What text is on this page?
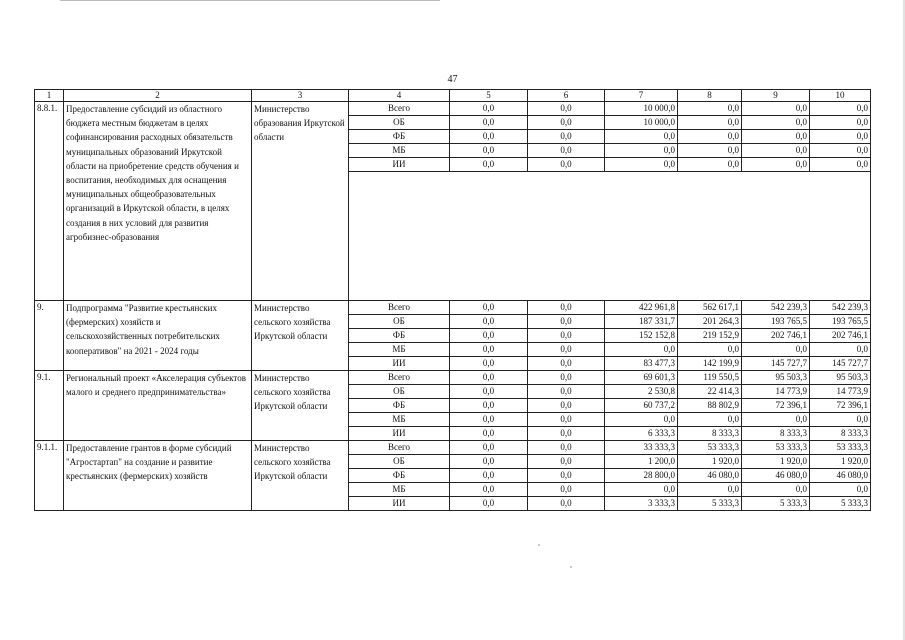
47
1	2	3	4	5	6	7	8	9	10
8.8.1.	Предоставление субсидий из областного бюджета местным бюджетам в целях софинансирования расходных обязательств муниципальных образований Иркутской области на приобретение средств обучения и воспитания, необходимых для оснащения муниципальных общеобразовательных организаций в Иркутской области, в целях создания в них условий для развития агробизнес-образования	Министерство образования Иркутской области	Всего	0,0	0,0	10 000,0	0,0	0,0	0,0
			ОБ	0,0	0,0	10 000,0	0,0	0,0	0,0
			ФБ	0,0	0,0	0,0	0,0	0,0	0,0
			МБ	0,0	0,0	0,0	0,0	0,0	0,0
			ИИ	0,0	0,0	0,0	0,0	0,0	0,0

9.	Подпрограмма "Развитие крестьянских (фермерских) хозяйств и сельскохозяйственных потребительских кооперативов" на 2021 - 2024 годы	Министерство сельского хозяйства Иркутской области	Всего	0,0	0,0	422 961,8	562 617,1	542 239,3	542 239,3
			ОБ	0,0	0,0	187 331,7	201 264,3	193 765,5	193 765,5
			ФБ	0,0	0,0	152 152,8	219 152,9	202 746,1	202 746,1
			МБ	0,0	0,0	0,0	0,0	0,0	0,0
			ИИ	0,0	0,0	83 477,3	142 199,9	145 727,7	145 727,7
9.1.	Региональный проект «Акселерация субъектов малого и среднего предпринимательства»	Министерство сельского хозяйства Иркутской области	Всего	0,0	0,0	69 601,3	119 550,5	95 503,3	95 503,3
			ОБ	0,0	0,0	2 530,8	22 414,3	14 773,9	14 773,9
			ФБ	0,0	0,0	60 737,2	88 802,9	72 396,1	72 396,1
			МБ	0,0	0,0	0,0	0,0	0,0	0,0
			ИИ	0,0	0,0	6 333,3	8 333,3	8 333,3	8 333,3
9.1.1.	Предоставление грантов в форме субсидий "Агростартап" на создание и развитие крестьянских (фермерских) хозяйств	Министерство сельского хозяйства Иркутской области	Всего	0,0	0,0	33 333,3	53 333,3	53 333,3	53 333,3
			ОБ	0,0	0,0	1 200,0	1 920,0	1 920,0	1 920,0
			ФБ	0,0	0,0	28 800,0	46 080,0	46 080,0	46 080,0
			МБ	0,0	0,0	0,0	0,0	0,0	0,0
			ИИ	0,0	0,0	3 333,3	5 333,3	5 333,3	5 333,3
